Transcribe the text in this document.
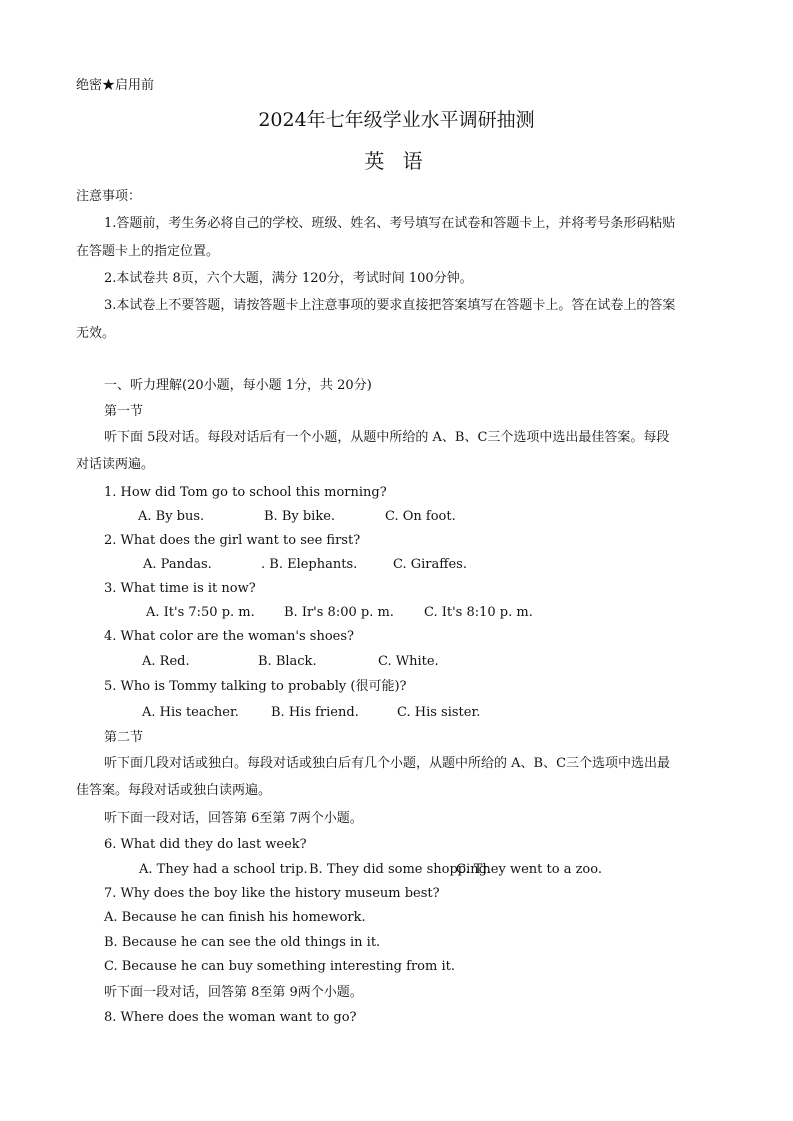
绝密★启用前
2024年七年级学业水平调研抽测
英 语
注意事项：
1.答题前，考生务必将自己的学校、班级、姓名、考号填写在试卷和答题卡上，并将考号条形码粘贴
在答题卡上的指定位置。
2.本试卷共 8页，六个大题，满分 120分，考试时间 100分钟。
3.本试卷上不要答题，请按答题卡上注意事项的要求直接把答案填写在答题卡上。答在试卷上的答案
无效。
一、听力理解(20小题，每小题 1分，共 20分)
第一节
听下面 5段对话。每段对话后有一个小题，从题中所给的 A、B、C三个选项中选出最佳答案。每段
对话读两遍。
1. How did Tom go to school this morning?
A. By bus.	B. By bike.	C. On foot.
2. What does the girl want to see first?
A. Pandas.	. B. Elephants.	C. Giraffes.
3. What time is it now?
A. It's 7:50 p. m. B. Ir's 8:00 p. m. C. It's 8:10 p. m.
4. What color are the woman's shoes?
A. Red.	B. Black.	C. White.
5. Who is Tommy talking to probably (很可能)?
A. His teacher. B. His friend.	C. His sister.
第二节
听下面几段对话或独白。每段对话或独白后有几个小题，从题中所给的 A、B、C三个选项中选出最
佳答案。每段对话或独白读两遍。
听下面一段对话，回答第 6至第 7两个小题。
6. What did they do last week?
A. They had a school trip. B. They did some shopping.
C. They went to a zoo.
7. Why does the boy like the history museum best?
A. Because he can finish his homework.
B. Because he can see the old things in it.
C. Because he can buy something interesting from it.
听下面一段对话，回答第 8至第 9两个小题。
8. Where does the woman want to go?
